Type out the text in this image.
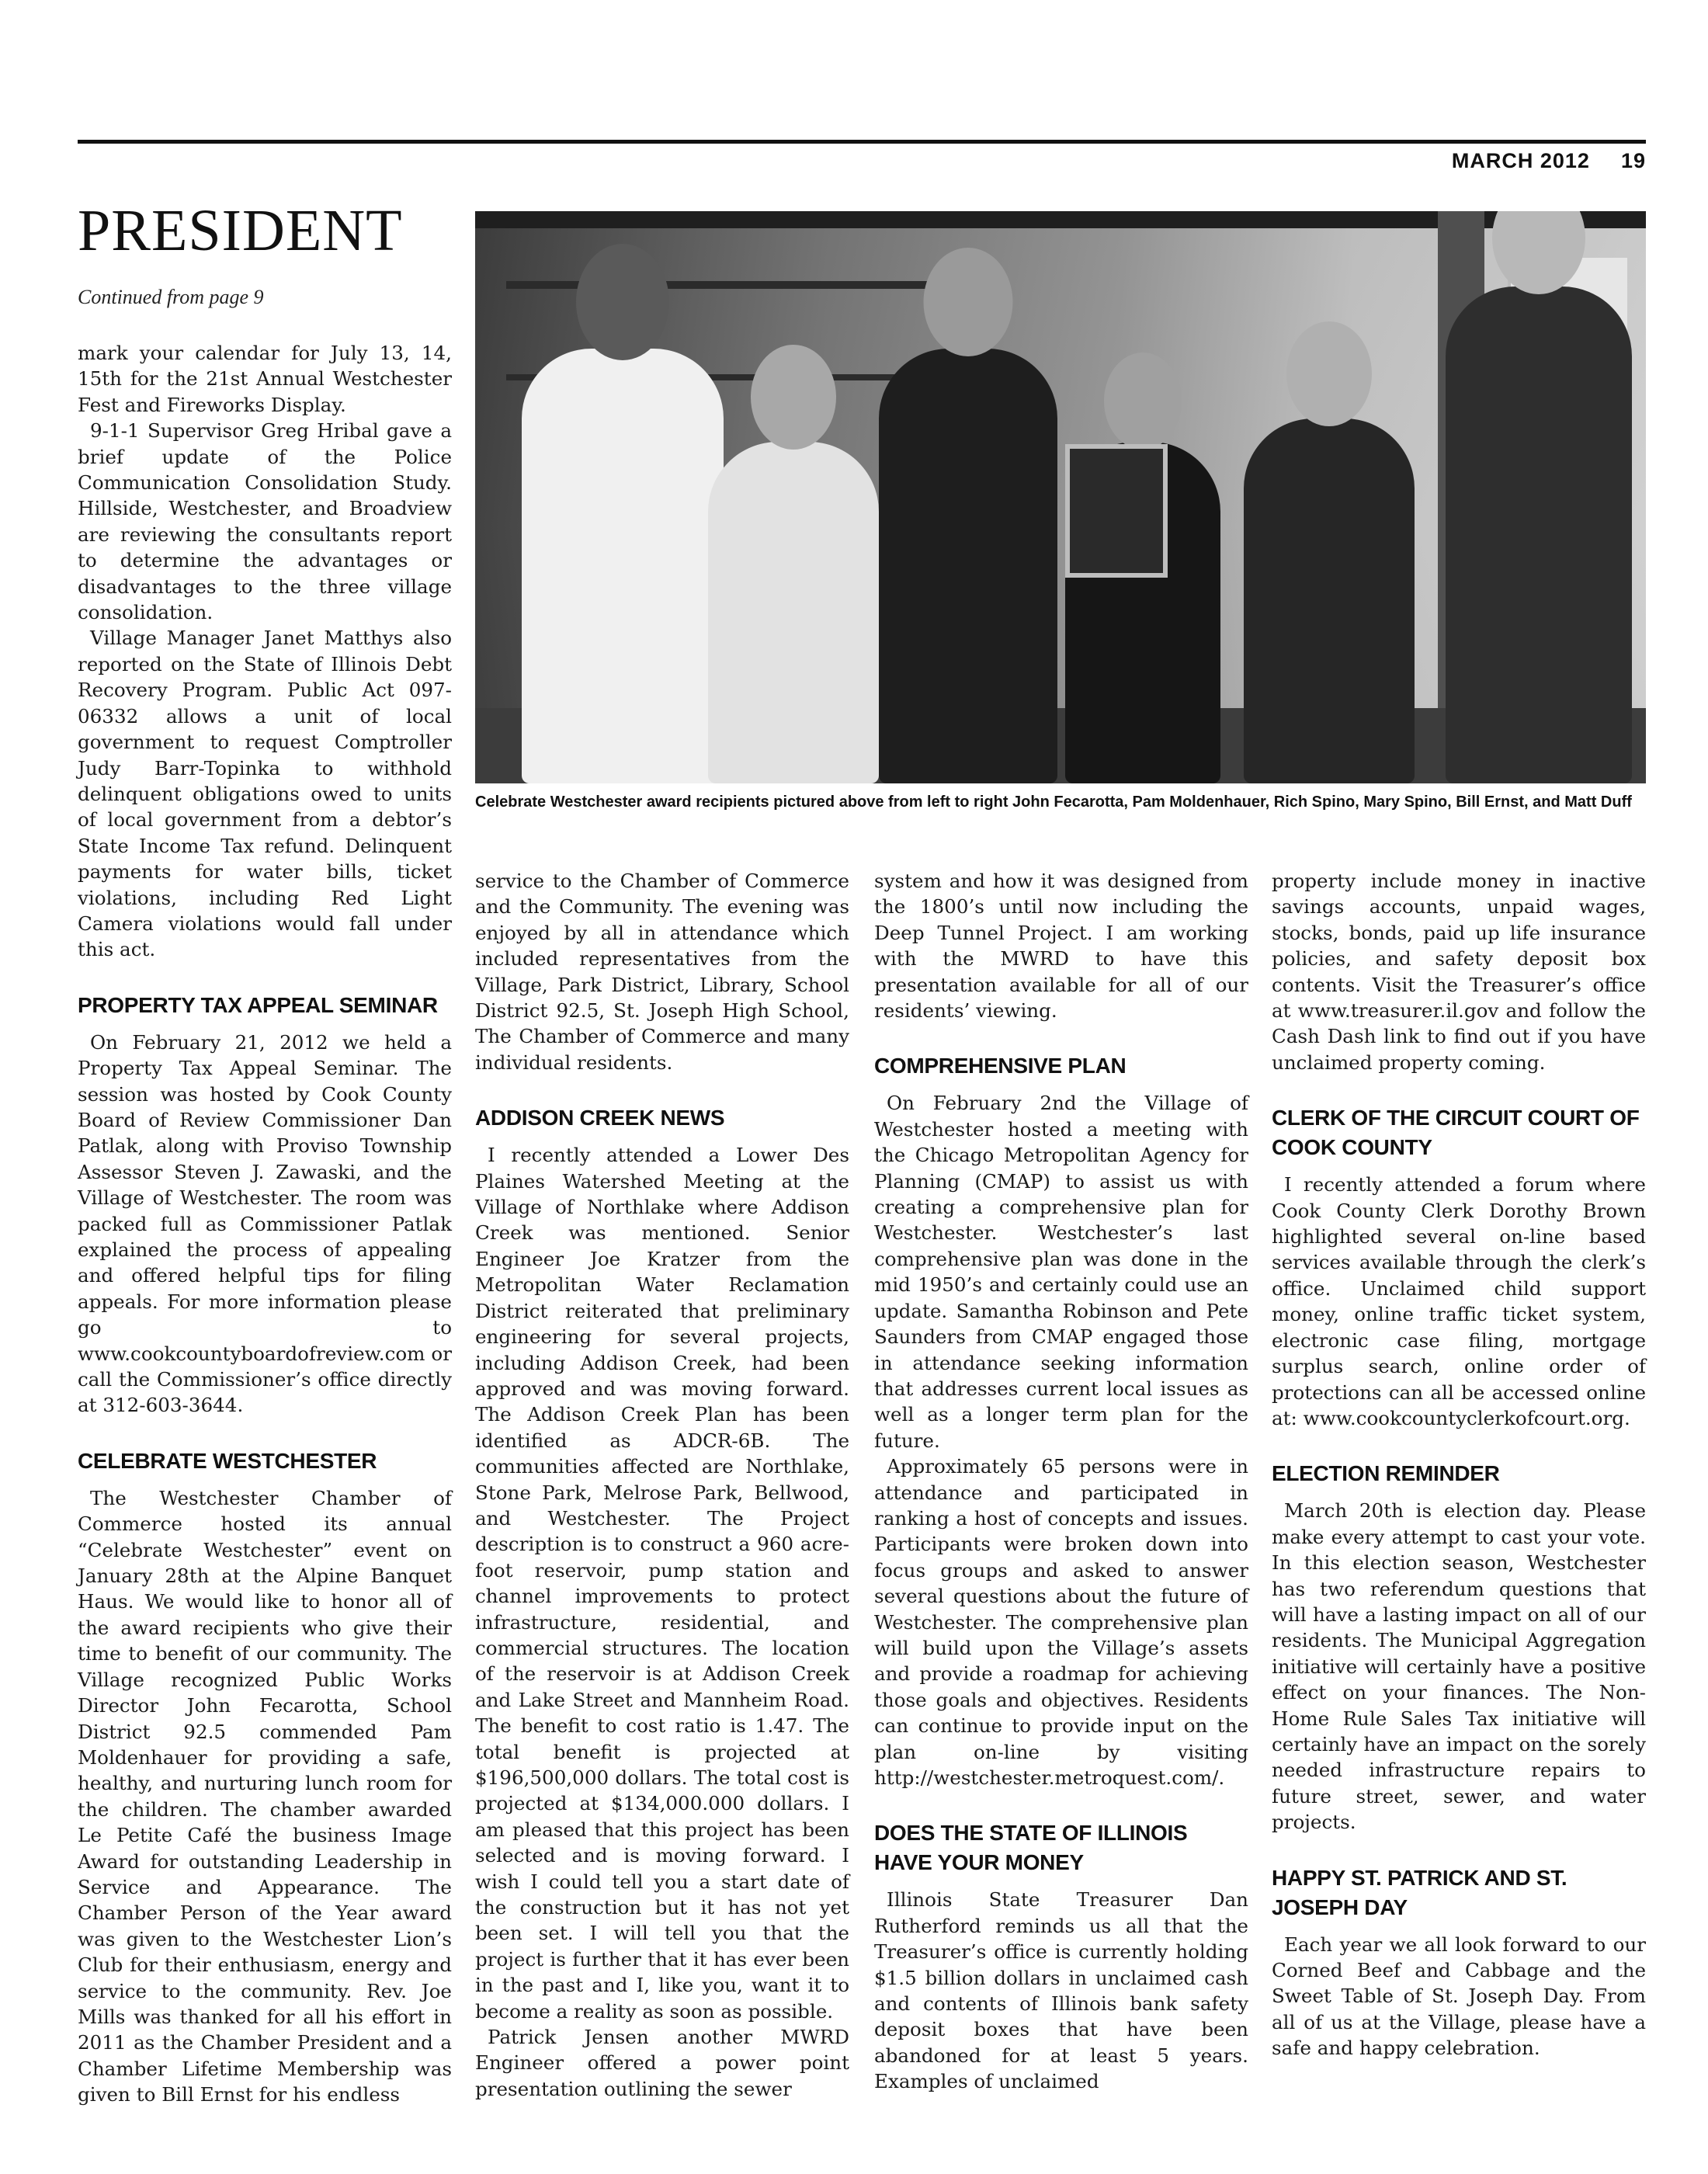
MARCH 2012 19
PRESIDENT
Continued from page 9
Celebrate Westchester award recipients pictured above from left to right John Fecarotta, Pam Moldenhauer, Rich Spino, Mary Spino, Bill Ernst, and Matt Duff

mark your calendar for July 13, 14, 15th for the 21st Annual Westchester Fest and Fireworks Display.

9-1-1 Supervisor Greg Hribal gave a brief update of the Police Communication Consolidation Study. Hillside, Westchester, and Broadview are reviewing the consultants report to determine the advantages or disadvantages to the three village consolidation.

Village Manager Janet Matthys also reported on the State of Illinois Debt Recovery Program. Public Act 097-06332 allows a unit of local government to request Comptroller Judy Barr-Topinka to withhold delinquent obligations owed to units of local government from a debtor’s State Income Tax refund. Delinquent payments for water bills, ticket violations, including Red Light Camera violations would fall under this act.

PROPERTY TAX APPEAL SEMINAR

On February 21, 2012 we held a Property Tax Appeal Seminar. The session was hosted by Cook County Board of Review Commissioner Dan Patlak, along with Proviso Township Assessor Steven J. Zawaski, and the Village of Westchester. The room was packed full as Commissioner Patlak explained the process of appealing and offered helpful tips for filing appeals. For more information please go to www.cookcountyboardofreview.com or call the Commissioner’s office directly at 312-603-3644.

CELEBRATE WESTCHESTER

The Westchester Chamber of Commerce hosted its annual “Celebrate Westchester” event on January 28th at the Alpine Banquet Haus. We would like to honor all of the award recipients who give their time to benefit of our community. The Village recognized Public Works Director John Fecarotta, School District 92.5 commended Pam Moldenhauer for providing a safe, healthy, and nurturing lunch room for the children. The chamber awarded Le Petite Café the business Image Award for outstanding Leadership in Service and Appearance. The Chamber Person of the Year award was given to the Westchester Lion’s Club for their enthusiasm, energy and service to the community. Rev. Joe Mills was thanked for all his effort in 2011 as the Chamber President and a Chamber Lifetime Membership was given to Bill Ernst for his endless

service to the Chamber of Commerce and the Community. The evening was enjoyed by all in attendance which included representatives from the Village, Park District, Library, School District 92.5, St. Joseph High School, The Chamber of Commerce and many individual residents.

ADDISON CREEK NEWS

I recently attended a Lower Des Plaines Watershed Meeting at the Village of Northlake where Addison Creek was mentioned. Senior Engineer Joe Kratzer from the Metropolitan Water Reclamation District reiterated that preliminary engineering for several projects, including Addison Creek, had been approved and was moving forward. The Addison Creek Plan has been identified as ADCR-6B. The communities affected are Northlake, Stone Park, Melrose Park, Bellwood, and Westchester. The Project description is to construct a 960 acre-foot reservoir, pump station and channel improvements to protect infrastructure, residential, and commercial structures. The location of the reservoir is at Addison Creek and Lake Street and Mannheim Road. The benefit to cost ratio is 1.47. The total benefit is projected at $196,500,000 dollars. The total cost is projected at $134,000.000 dollars. I am pleased that this project has been selected and is moving forward. I wish I could tell you a start date of the construction but it has not yet been set. I will tell you that the project is further that it has ever been in the past and I, like you, want it to become a reality as soon as possible.

Patrick Jensen another MWRD Engineer offered a power point presentation outlining the sewer

system and how it was designed from the 1800’s until now including the Deep Tunnel Project. I am working with the MWRD to have this presentation available for all of our residents’ viewing.

COMPREHENSIVE PLAN

On February 2nd the Village of Westchester hosted a meeting with the Chicago Metropolitan Agency for Planning (CMAP) to assist us with creating a comprehensive plan for Westchester. Westchester’s last comprehensive plan was done in the mid 1950’s and certainly could use an update. Samantha Robinson and Pete Saunders from CMAP engaged those in attendance seeking information that addresses current local issues as well as a longer term plan for the future.

Approximately 65 persons were in attendance and participated in ranking a host of concepts and issues. Participants were broken down into focus groups and asked to answer several questions about the future of Westchester. The comprehensive plan will build upon the Village’s assets and provide a roadmap for achieving those goals and objectives. Residents can continue to provide input on the plan on-line by visiting http://westchester.metroquest.com/.

DOES THE STATE OF ILLINOIS HAVE YOUR MONEY

Illinois State Treasurer Dan Rutherford reminds us all that the Treasurer’s office is currently holding $1.5 billion dollars in unclaimed cash and contents of Illinois bank safety deposit boxes that have been abandoned for at least 5 years. Examples of unclaimed

property include money in inactive savings accounts, unpaid wages, stocks, bonds, paid up life insurance policies, and safety deposit box contents. Visit the Treasurer’s office at www.treasurer.il.gov and follow the Cash Dash link to find out if you have unclaimed property coming.

CLERK OF THE CIRCUIT COURT OF COOK COUNTY

I recently attended a forum where Cook County Clerk Dorothy Brown highlighted several on-line based services available through the clerk’s office. Unclaimed child support money, online traffic ticket system, electronic case filing, mortgage surplus search, online order of protections can all be accessed online at: www.cookcountyclerkofcourt.org.

ELECTION REMINDER

March 20th is election day. Please make every attempt to cast your vote. In this election season, Westchester has two referendum questions that will have a lasting impact on all of our residents. The Municipal Aggregation initiative will certainly have a positive effect on your finances. The Non-Home Rule Sales Tax initiative will certainly have an impact on the sorely needed infrastructure repairs to future street, sewer, and water projects.

HAPPY ST. PATRICK AND ST. JOSEPH DAY

Each year we all look forward to our Corned Beef and Cabbage and the Sweet Table of St. Joseph Day. From all of us at the Village, please have a safe and happy celebration.
